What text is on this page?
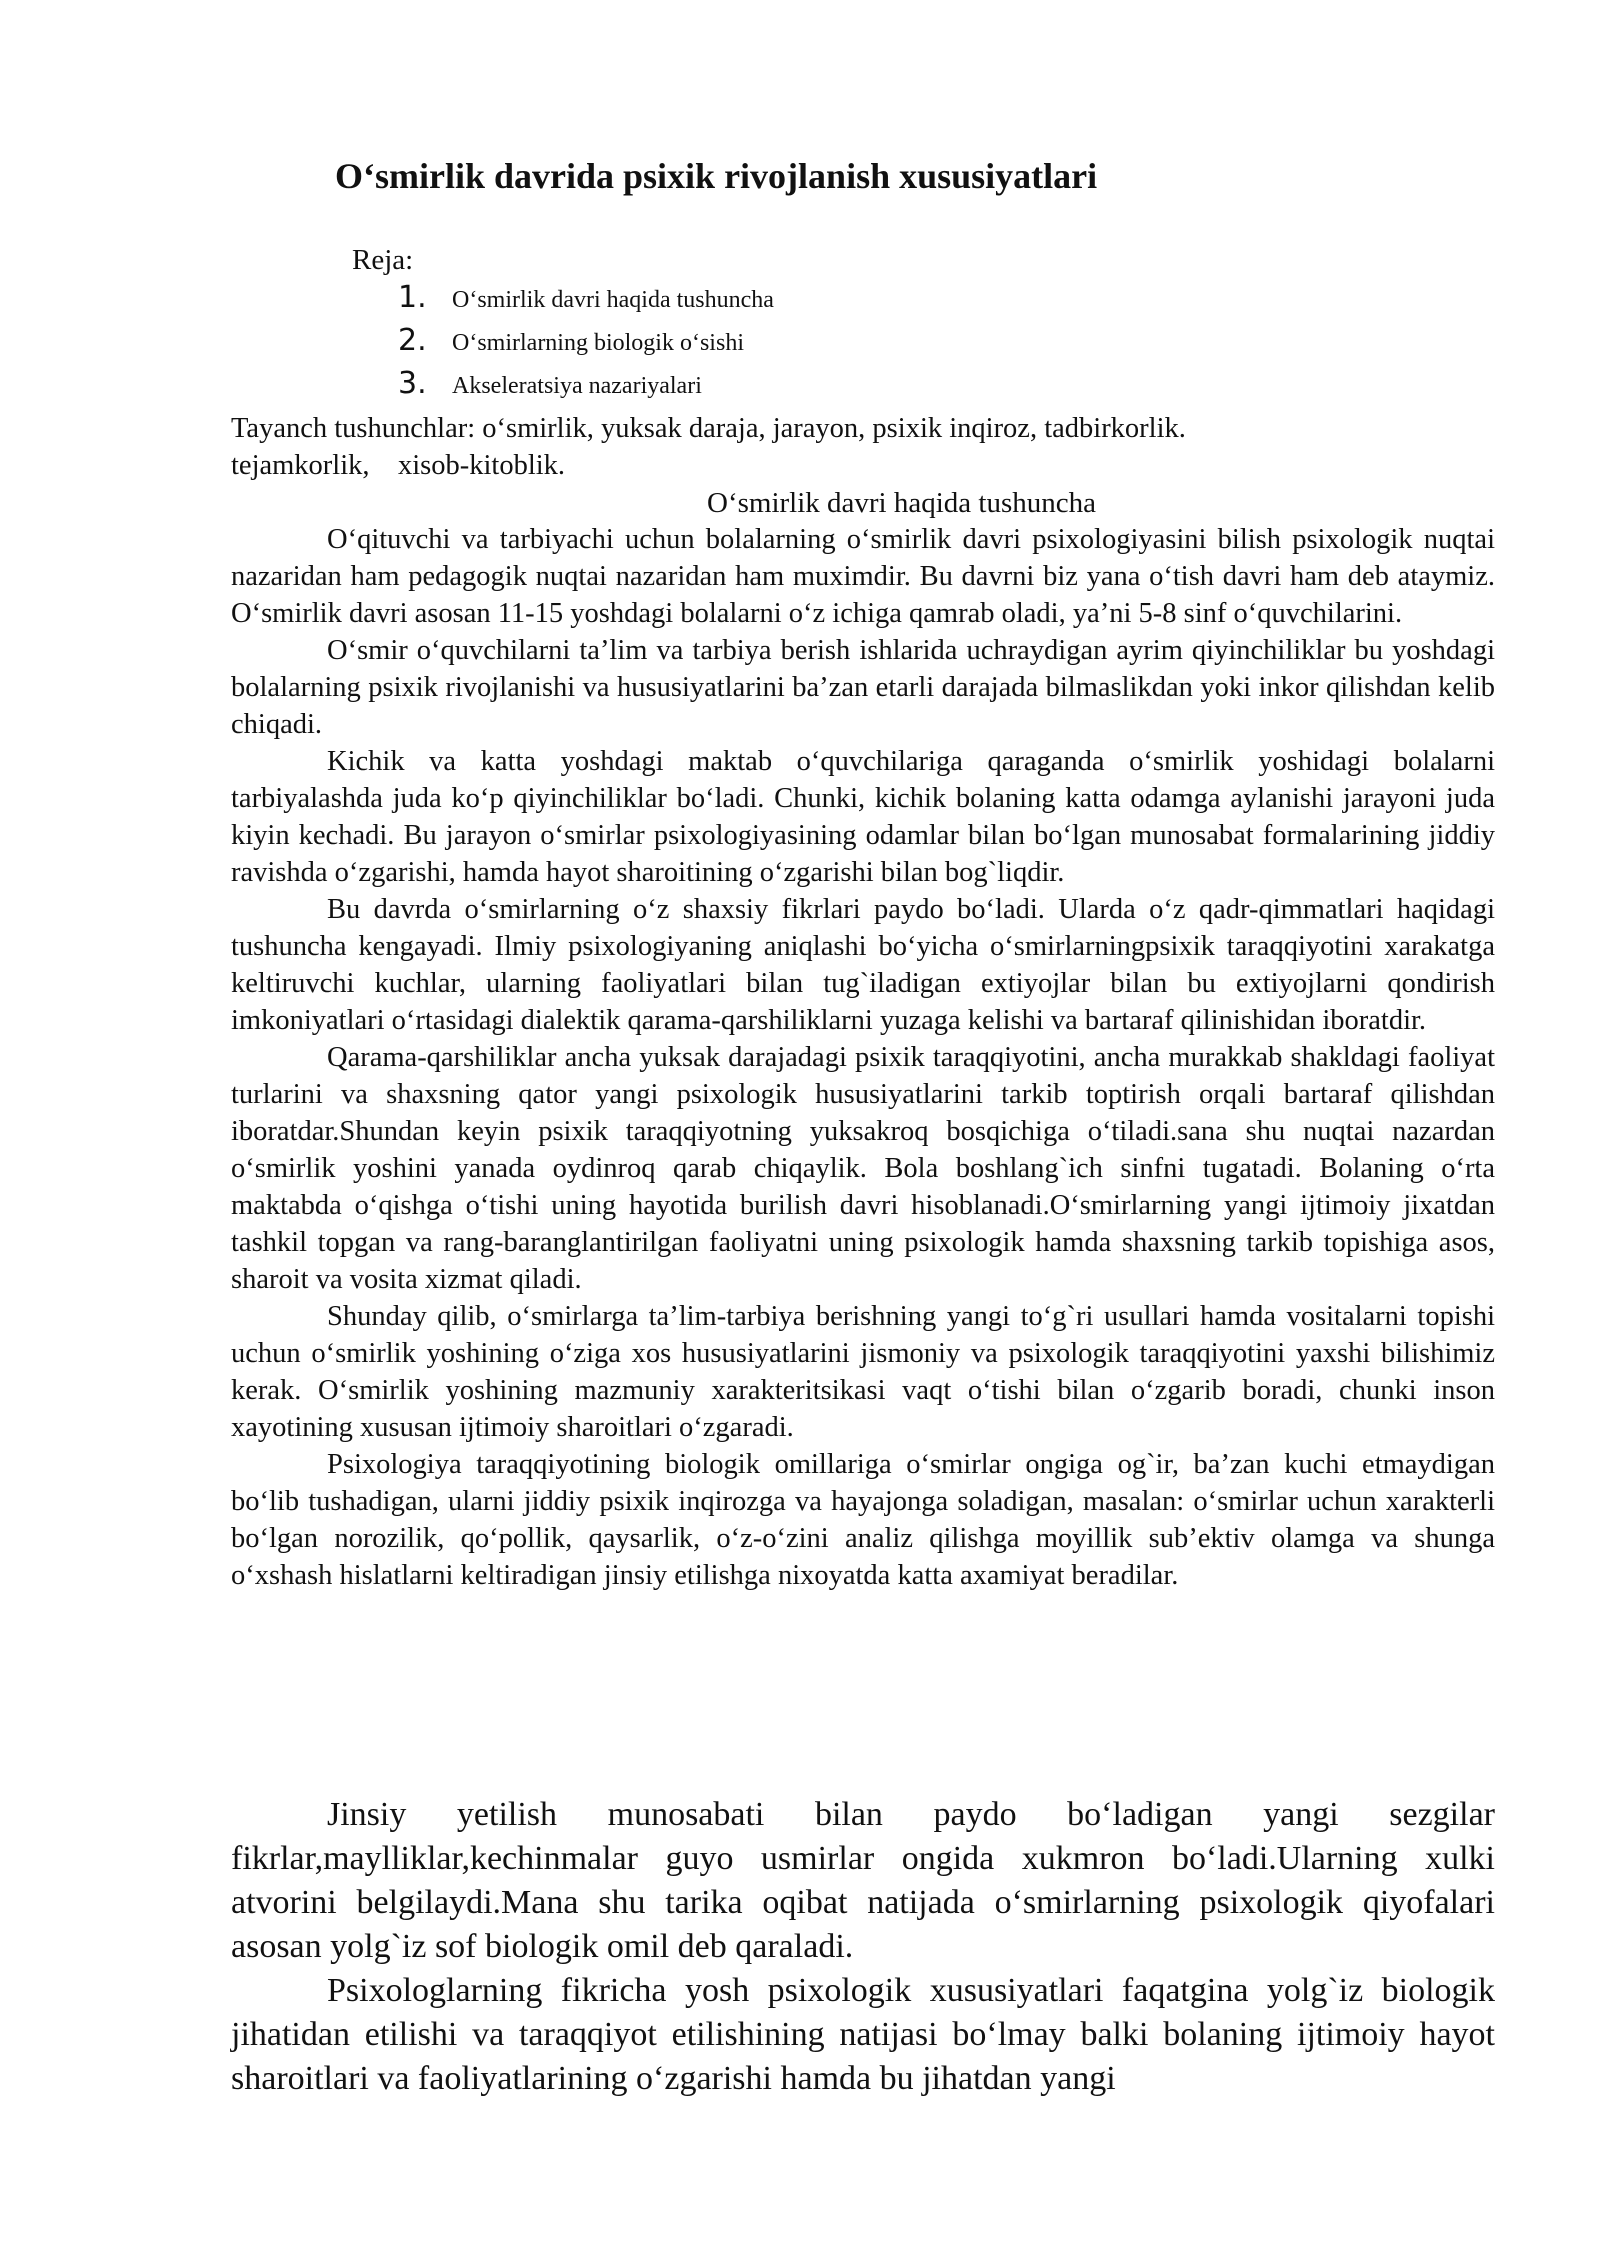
O‘smirlik davrida psixik rivojlanish xususiyatlari
Reja:
1. O‘smirlik davri haqida tushuncha
2. O‘smirlarning biologik o‘sishi
3. Akseleratsiya nazariyalari
Tayanch tushunchlar: o‘smirlik, yuksak daraja, jarayon, psixik inqiroz, tadbirkorlik.
tejamkorlik,    xisob-kitoblik.
O‘smirlik davri haqida tushuncha

O‘qituvchi va tarbiyachi uchun bolalarning o‘smirlik davri psixologiyasini bilish psixologik nuqtai nazaridan ham pedagogik nuqtai nazaridan ham muximdir. Bu davrni biz yana o‘tish davri ham deb ataymiz. O‘smirlik davri asosan 11-15 yoshdagi bolalarni o‘z ichiga qamrab oladi, ya’ni 5-8 sinf o‘quvchilarini.

O‘smir o‘quvchilarni ta’lim va tarbiya berish ishlarida uchraydigan ayrim qiyinchiliklar bu yoshdagi bolalarning psixik rivojlanishi va hususiyatlarini ba’zan etarli darajada bilmaslikdan yoki inkor qilishdan kelib chiqadi.

Kichik va katta yoshdagi maktab o‘quvchilariga qaraganda o‘smirlik yoshidagi bolalarni tarbiyalashda juda ko‘p qiyinchiliklar bo‘ladi. Chunki, kichik bolaning katta odamga aylanishi jarayoni juda kiyin kechadi. Bu jarayon o‘smirlar psixologiyasining odamlar bilan bo‘lgan munosabat formalarining jiddiy ravishda o‘zgarishi, hamda hayot sharoitining o‘zgarishi bilan bog`liqdir.

Bu davrda o‘smirlarning o‘z shaxsiy fikrlari paydo bo‘ladi. Ularda o‘z qadr-qimmatlari haqidagi tushuncha kengayadi. Ilmiy psixologiyaning aniqlashi bo‘yicha o‘smirlarningpsixik taraqqiyotini xarakatga keltiruvchi kuchlar, ularning faoliyatlari bilan tug`iladigan extiyojlar bilan bu extiyojlarni qondirish imkoniyatlari o‘rtasidagi dialektik qarama-qarshiliklarni yuzaga kelishi va bartaraf qilinishidan iboratdir.

Qarama-qarshiliklar ancha yuksak darajadagi psixik taraqqiyotini, ancha murakkab shakldagi faoliyat turlarini va shaxsning qator yangi psixologik hususiyatlarini tarkib toptirish orqali bartaraf qilishdan iboratdar.Shundan keyin psixik taraqqiyotning yuksakroq bosqichiga o‘tiladi.sana shu nuqtai nazardan o‘smirlik yoshini yanada oydinroq qarab chiqaylik. Bola boshlang`ich sinfni tugatadi. Bolaning o‘rta maktabda o‘qishga o‘tishi uning hayotida burilish davri hisoblanadi.O‘smirlarning yangi ijtimoiy jixatdan tashkil topgan va rang-baranglantirilgan faoliyatni uning psixologik hamda shaxsning tarkib topishiga asos, sharoit va vosita xizmat qiladi.

Shunday qilib, o‘smirlarga ta’lim-tarbiya berishning yangi to‘g`ri usullari hamda vositalarni topishi uchun o‘smirlik yoshining o‘ziga xos hususiyatlarini jismoniy va psixologik taraqqiyotini yaxshi bilishimiz kerak. O‘smirlik yoshining mazmuniy xarakteritsikasi vaqt o‘tishi bilan o‘zgarib boradi, chunki inson xayotining xususan ijtimoiy sharoitlari o‘zgaradi.

Psixologiya taraqqiyotining biologik omillariga o‘smirlar ongiga og`ir, ba’zan kuchi etmaydigan bo‘lib tushadigan, ularni jiddiy psixik inqirozga va hayajonga soladigan, masalan: o‘smirlar uchun xarakterli bo‘lgan norozilik, qo‘pollik, qaysarlik, o‘z-o‘zini analiz qilishga moyillik sub’ektiv olamga va shunga o‘xshash hislatlarni keltiradigan jinsiy etilishga nixoyatda katta axamiyat beradilar.

Jinsiy yetilish munosabati bilan paydo bo‘ladigan yangi sezgilar fikrlar,maylliklar,kechinmalar guyo usmirlar ongida xukmron bo‘ladi.Ularning xulki atvorini belgilaydi.Mana shu tarika oqibat natijada o‘smirlarning psixologik qiyofalari asosan yolg`iz sof biologik omil deb qaraladi.

Psixologlarning fikricha yosh psixologik xususiyatlari faqatgina yolg`iz biologik jihatidan etilishi va taraqqiyot etilishining natijasi bo‘lmay balki bolaning ijtimoiy hayot sharoitlari va faoliyatlarining o‘zgarishi hamda bu jihatdan yangi
